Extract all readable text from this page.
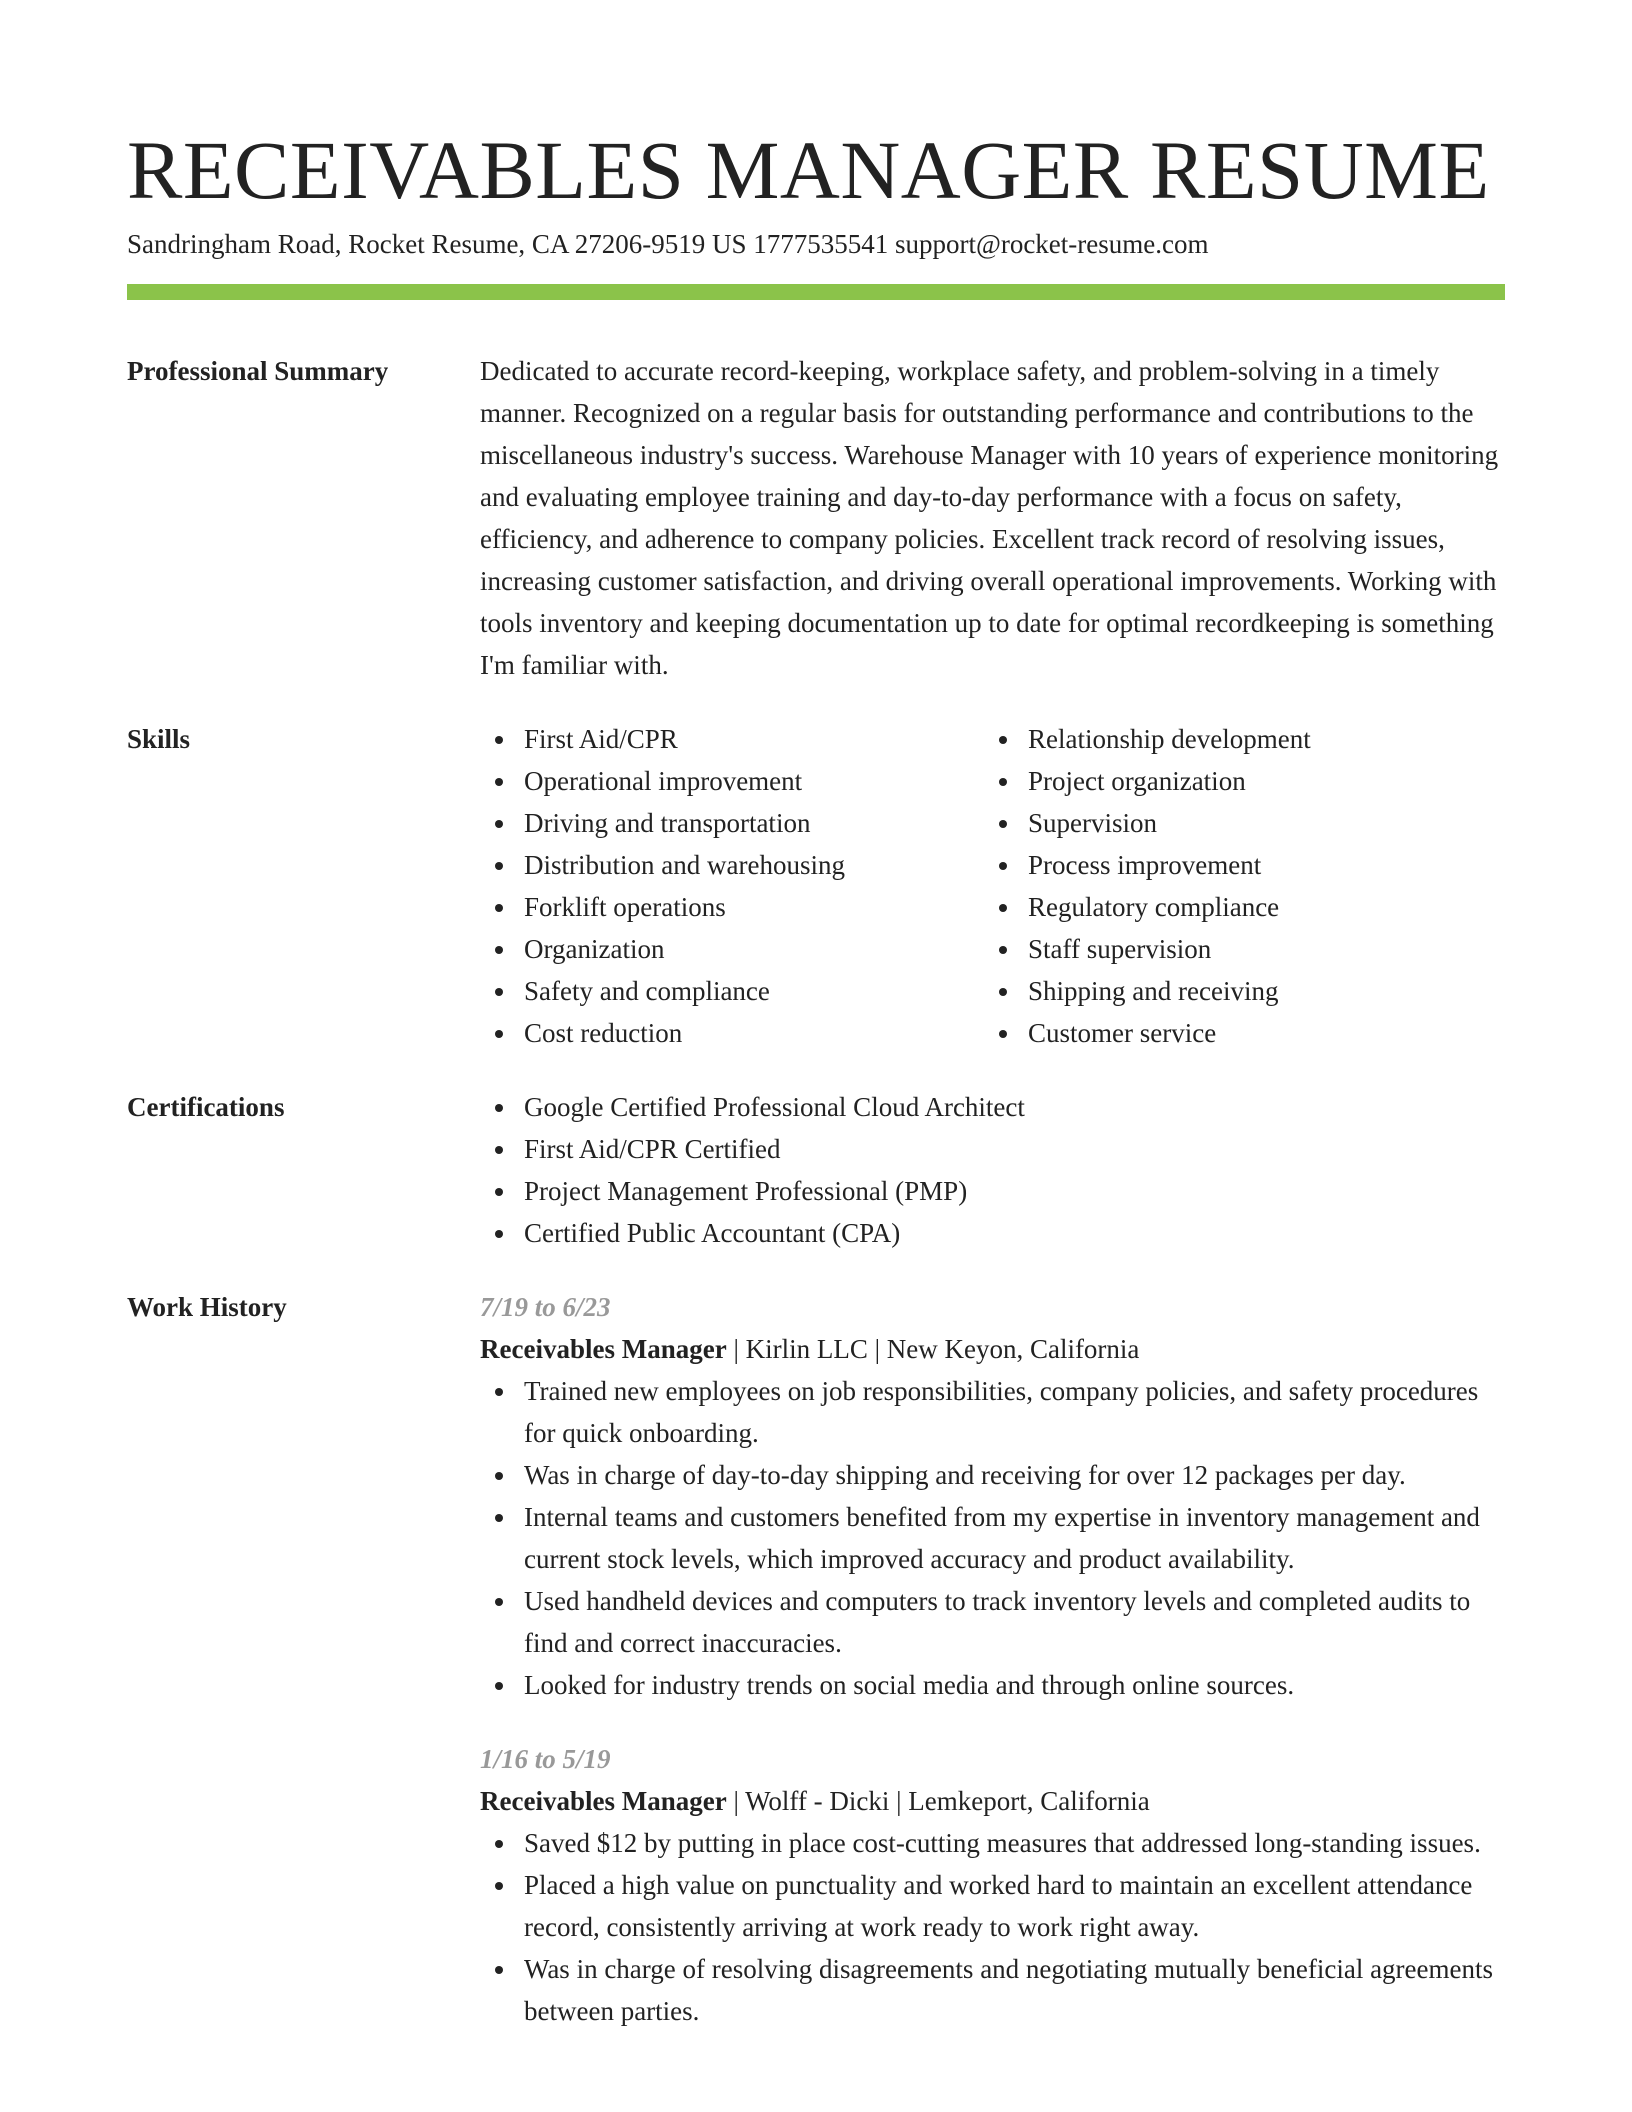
RECEIVABLES MANAGER RESUME
Sandringham Road, Rocket Resume, CA 27206-9519 US 1777535541 support@rocket-resume.com
Professional Summary	Dedicated to accurate record-keeping, workplace safety, and problem-solving in a timely manner. Recognized on a regular basis for outstanding performance and contributions to the miscellaneous industry's success. Warehouse Manager with 10 years of experience monitoring and evaluating employee training and day-to-day performance with a focus on safety, efficiency, and adherence to company policies. Excellent track record of resolving issues, increasing customer satisfaction, and driving overall operational improvements. Working with tools inventory and keeping documentation up to date for optimal recordkeeping is something I'm familiar with.

Skills	First Aid/CPR
Operational improvement
Driving and transportation
Distribution and warehousing
Forklift operations
Organization
Safety and compliance
Cost reduction
Relationship development
Project organization
Supervision
Process improvement
Regulatory compliance
Staff supervision
Shipping and receiving
Customer service
Certifications	Google Certified Professional Cloud Architect
First Aid/CPR Certified
Project Management Professional (PMP)
Certified Public Accountant (CPA)
Work History	7/19 to 6/23
Receivables Manager | Kirlin LLC | New Keyon, California
Trained new employees on job responsibilities, company policies, and safety procedures for quick onboarding.
Was in charge of day-to-day shipping and receiving for over 12 packages per day.
Internal teams and customers benefited from my expertise in inventory management and current stock levels, which improved accuracy and product availability.
Used handheld devices and computers to track inventory levels and completed audits to find and correct inaccuracies.
Looked for industry trends on social media and through online sources.
1/16 to 5/19
Receivables Manager | Wolff - Dicki | Lemkeport, California
Saved $12 by putting in place cost-cutting measures that addressed long-standing issues.
Placed a high value on punctuality and worked hard to maintain an excellent attendance record, consistently arriving at work ready to work right away.
Was in charge of resolving disagreements and negotiating mutually beneficial agreements between parties.
